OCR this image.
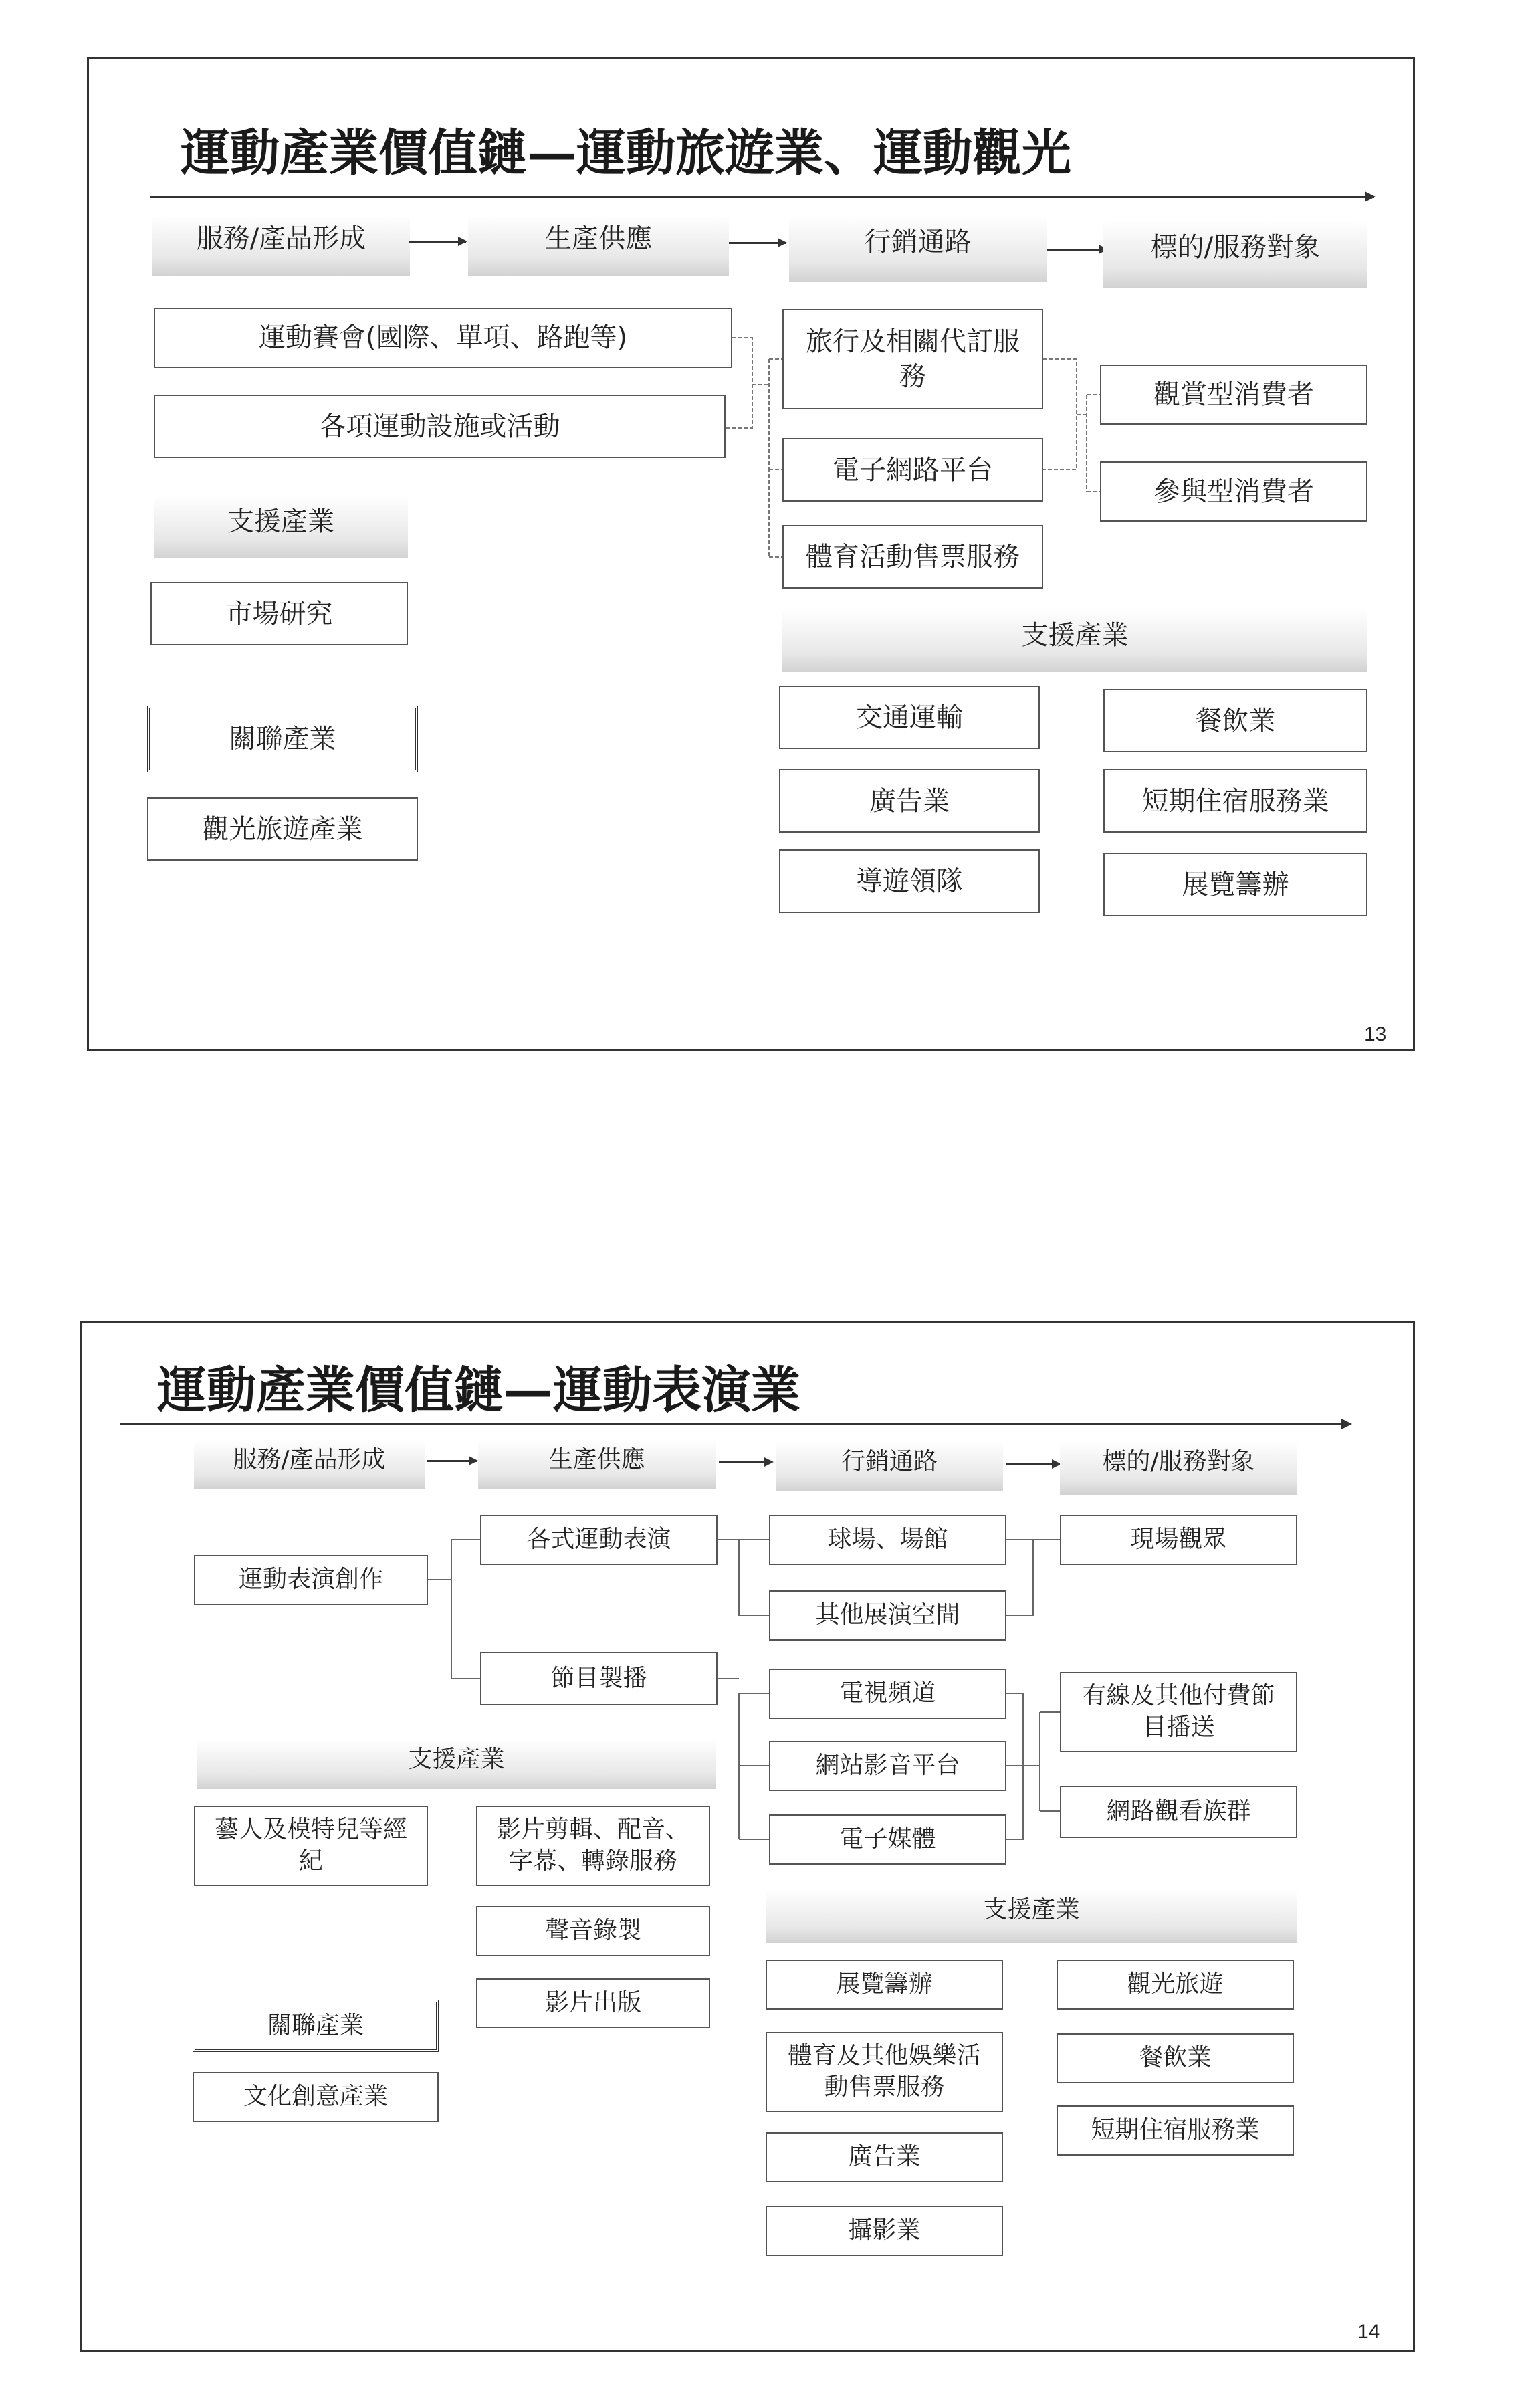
運動產業價值鏈—運動旅遊業、運動觀光
服務/產品形成	生產供應	行銷通路	標的/服務對象
運動賽會(國際、單項、路跑等)
各項運動設施或活動
旅行及相關代訂服務
電子網路平台
體育活動售票服務
觀賞型消費者
參與型消費者
支援產業
市場研究
關聯產業
觀光旅遊產業
支援產業
交通運輸	餐飲業
廣告業	短期住宿服務業
導遊領隊	展覽籌辦
13
運動產業價值鏈—運動表演業
服務/產品形成	生產供應	行銷通路	標的/服務對象
運動表演創作
各式運動表演
節目製播
球場、場館
其他展演空間
電視頻道
網站影音平台
電子媒體
現場觀眾
有線及其他付費節目播送
網路觀看族群
支援產業
藝人及模特兒等經紀
影片剪輯、配音、字幕、轉錄服務
聲音錄製
影片出版
關聯產業
文化創意產業
支援產業
展覽籌辦	觀光旅遊
體育及其他娛樂活動售票服務
餐飲業
廣告業
短期住宿服務業
攝影業
14
